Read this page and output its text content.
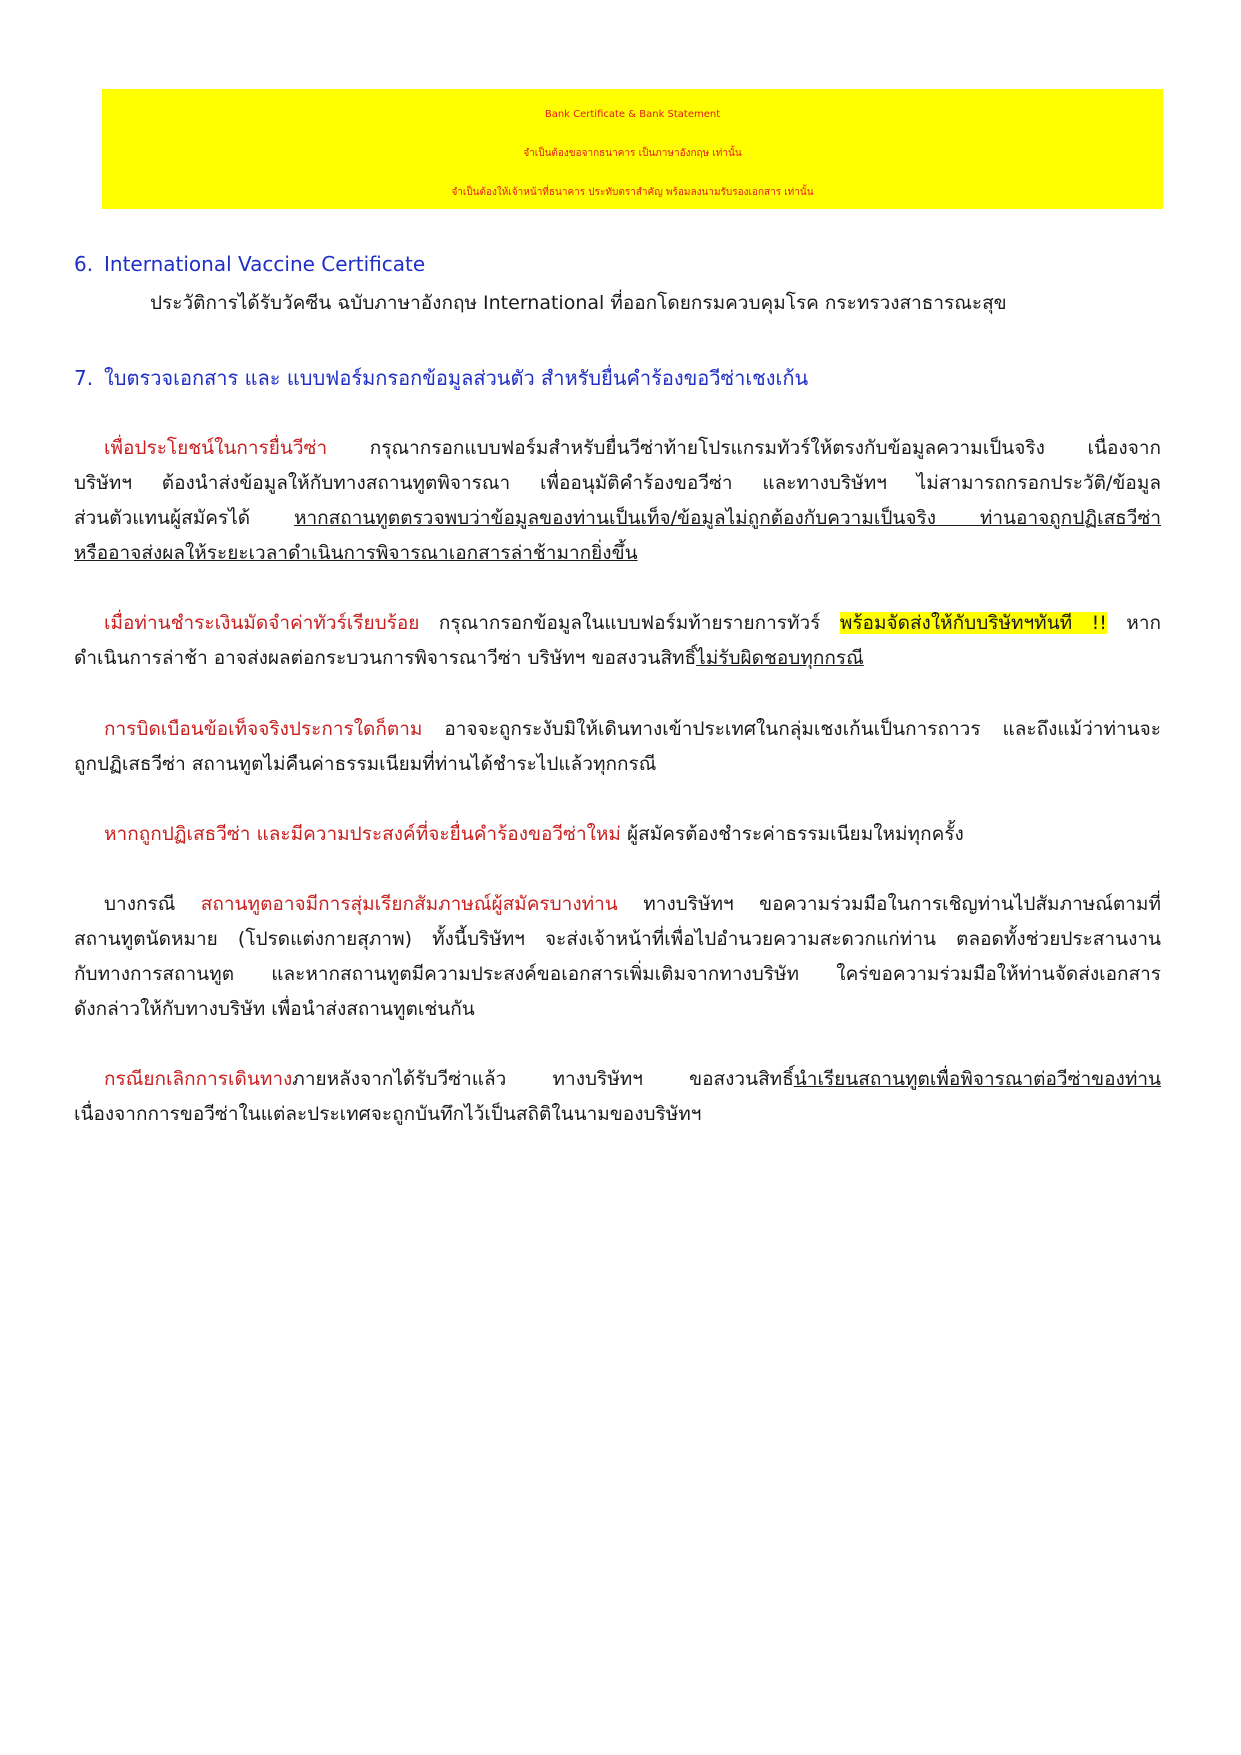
Bank Certificate & Bank Statement
จำเป็นต้องขอจากธนาคาร เป็นภาษาอังกฤษ เท่านั้น
จำเป็นต้องให้เจ้าหน้าที่ธนาคาร ประทับตราสำคัญ พร้อมลงนามรับรองเอกสาร เท่านั้น
6. International Vaccine Certificate
ประวัติการได้รับวัคซีน ฉบับภาษาอังกฤษ International ที่ออกโดยกรมควบคุมโรค กระทรวงสาธารณะสุข
7. ใบตรวจเอกสาร และ แบบฟอร์มกรอกข้อมูลส่วนตัว สำหรับยื่นคำร้องขอวีซ่าเชงเก้น
เพื่อประโยชน์ในการยื่นวีซ่า กรุณากรอกแบบฟอร์มสำหรับยื่นวีซ่าท้ายโปรแกรมทัวร์ให้ตรงกับข้อมูลความเป็นจริง เนื่องจาก
บริษัทฯ ต้องนำส่งข้อมูลให้กับทางสถานทูตพิจารณา เพื่ออนุมัติคำร้องขอวีซ่า และทางบริษัทฯ ไม่สามารถกรอกประวัติ/ข้อมูล
ส่วนตัวแทนผู้สมัครได้ หากสถานทูตตรวจพบว่าข้อมูลของท่านเป็นเท็จ/ข้อมูลไม่ถูกต้องกับความเป็นจริง ท่านอาจถูกปฏิเสธวีซ่า
หรืออาจส่งผลให้ระยะเวลาดำเนินการพิจารณาเอกสารล่าช้ามากยิ่งขึ้น
เมื่อท่านชำระเงินมัดจำค่าทัวร์เรียบร้อย กรุณากรอกข้อมูลในแบบฟอร์มท้ายรายการทัวร์ พร้อมจัดส่งให้กับบริษัทฯทันที !! หาก
ดำเนินการล่าช้า อาจส่งผลต่อกระบวนการพิจารณาวีซ่า บริษัทฯ ขอสงวนสิทธิ์ไม่รับผิดชอบทุกกรณี
การบิดเบือนข้อเท็จจริงประการใดก็ตาม อาจจะถูกระงับมิให้เดินทางเข้าประเทศในกลุ่มเชงเก้นเป็นการถาวร และถึงแม้ว่าท่านจะ
ถูกปฏิเสธวีซ่า สถานทูตไม่คืนค่าธรรมเนียมที่ท่านได้ชำระไปแล้วทุกกรณี
หากถูกปฏิเสธวีซ่า และมีความประสงค์ที่จะยื่นคำร้องขอวีซ่าใหม่ ผู้สมัครต้องชำระค่าธรรมเนียมใหม่ทุกครั้ง
บางกรณี สถานทูตอาจมีการสุ่มเรียกสัมภาษณ์ผู้สมัครบางท่าน ทางบริษัทฯ ขอความร่วมมือในการเชิญท่านไปสัมภาษณ์ตามที่
สถานทูตนัดหมาย (โปรดแต่งกายสุภาพ) ทั้งนี้บริษัทฯ จะส่งเจ้าหน้าที่เพื่อไปอำนวยความสะดวกแก่ท่าน ตลอดทั้งช่วยประสานงาน
กับทางการสถานทูต และหากสถานทูตมีความประสงค์ขอเอกสารเพิ่มเติมจากทางบริษัท ใคร่ขอความร่วมมือให้ท่านจัดส่งเอกสาร
ดังกล่าวให้กับทางบริษัท เพื่อนำส่งสถานทูตเช่นกัน
กรณียกเลิกการเดินทางภายหลังจากได้รับวีซ่าแล้ว ทางบริษัทฯ ขอสงวนสิทธิ์นำเรียนสถานทูตเพื่อพิจารณาต่อวีซ่าของท่าน
เนื่องจากการขอวีซ่าในแต่ละประเทศจะถูกบันทึกไว้เป็นสถิติในนามของบริษัทฯ
